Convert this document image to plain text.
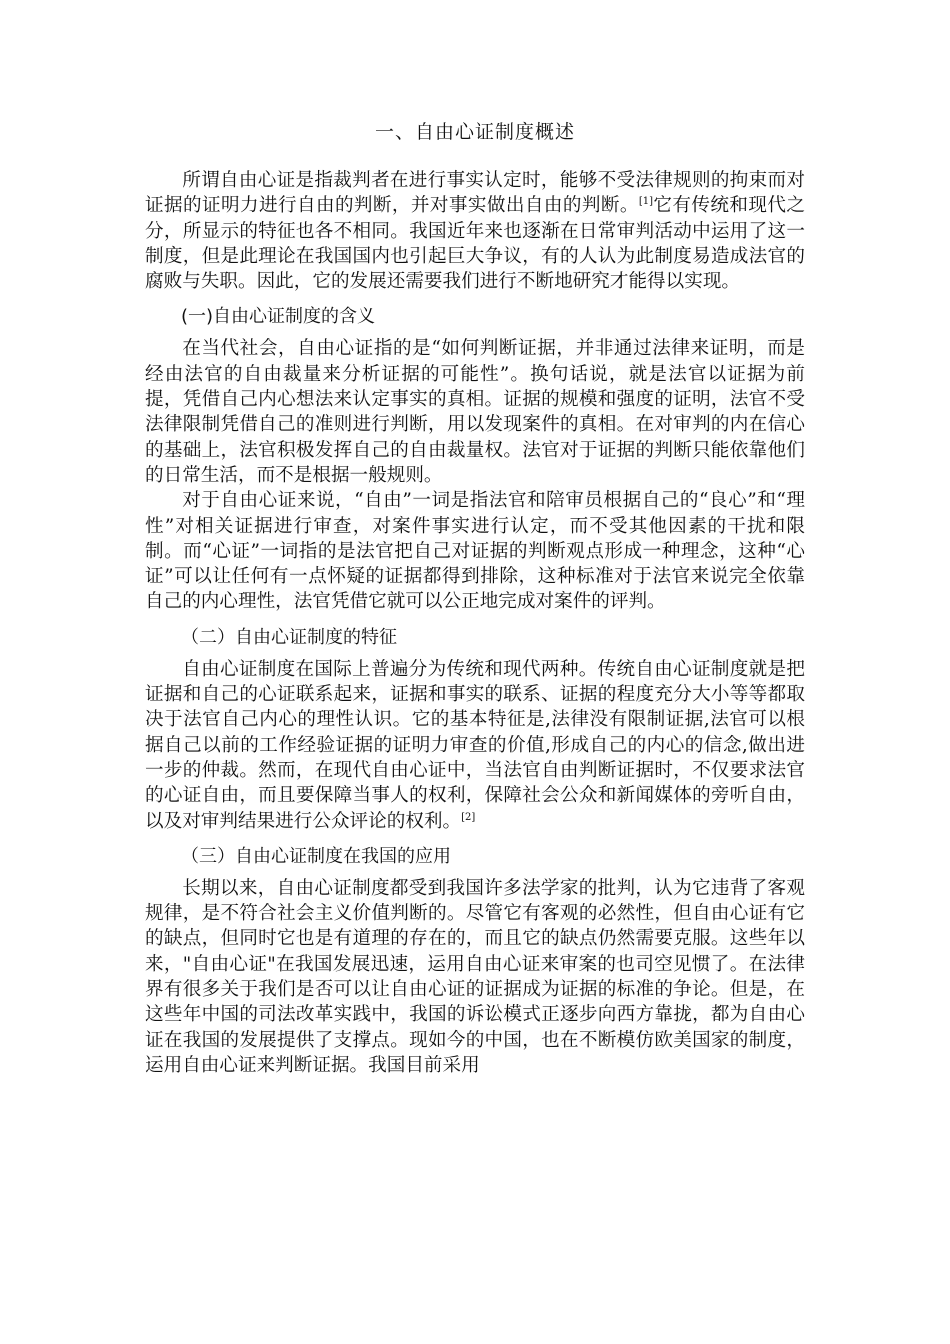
一、自由心证制度概述

所谓自由心证是指裁判者在进行事实认定时，能够不受法律规则的拘束而对证据的证明力进行自由的判断，并对事实做出自由的判断。[1]它有传统和现代之分，所显示的特征也各不相同。我国近年来也逐渐在日常审判活动中运用了这一制度，但是此理论在我国国内也引起巨大争议，有的人认为此制度易造成法官的腐败与失职。因此，它的发展还需要我们进行不断地研究才能得以实现。

(一)自由心证制度的含义

在当代社会，自由心证指的是“如何判断证据，并非通过法律来证明，而是经由法官的自由裁量来分析证据的可能性”。换句话说，就是法官以证据为前提，凭借自己内心想法来认定事实的真相。证据的规模和强度的证明，法官不受法律限制凭借自己的准则进行判断，用以发现案件的真相。在对审判的内在信心的基础上，法官积极发挥自己的自由裁量权。法官对于证据的判断只能依靠他们的日常生活，而不是根据一般规则。

对于自由心证来说，“自由”一词是指法官和陪审员根据自己的“良心”和“理性”对相关证据进行审查，对案件事实进行认定，而不受其他因素的干扰和限制。而“心证”一词指的是法官把自己对证据的判断观点形成一种理念，这种“心证”可以让任何有一点怀疑的证据都得到排除，这种标准对于法官来说完全依靠自己的内心理性，法官凭借它就可以公正地完成对案件的评判。

（二）自由心证制度的特征

自由心证制度在国际上普遍分为传统和现代两种。传统自由心证制度就是把证据和自己的心证联系起来，证据和事实的联系、证据的程度充分大小等等都取决于法官自己内心的理性认识。它的基本特征是,法律没有限制证据,法官可以根据自己以前的工作经验证据的证明力审查的价值,形成自己的内心的信念,做出进一步的仲裁。然而，在现代自由心证中，当法官自由判断证据时，不仅要求法官的心证自由，而且要保障当事人的权利，保障社会公众和新闻媒体的旁听自由，以及对审判结果进行公众评论的权利。[2]

（三）自由心证制度在我国的应用

长期以来，自由心证制度都受到我国许多法学家的批判，认为它违背了客观规律，是不符合社会主义价值判断的。尽管它有客观的必然性，但自由心证有它的缺点，但同时它也是有道理的存在的，而且它的缺点仍然需要克服。这些年以来，"自由心证"在我国发展迅速，运用自由心证来审案的也司空见惯了。在法律界有很多关于我们是否可以让自由心证的证据成为证据的标准的争论。但是，在这些年中国的司法改革实践中，我国的诉讼模式正逐步向西方靠拢，都为自由心证在我国的发展提供了支撑点。现如今的中国，也在不断模仿欧美国家的制度，运用自由心证来判断证据。我国目前采用
